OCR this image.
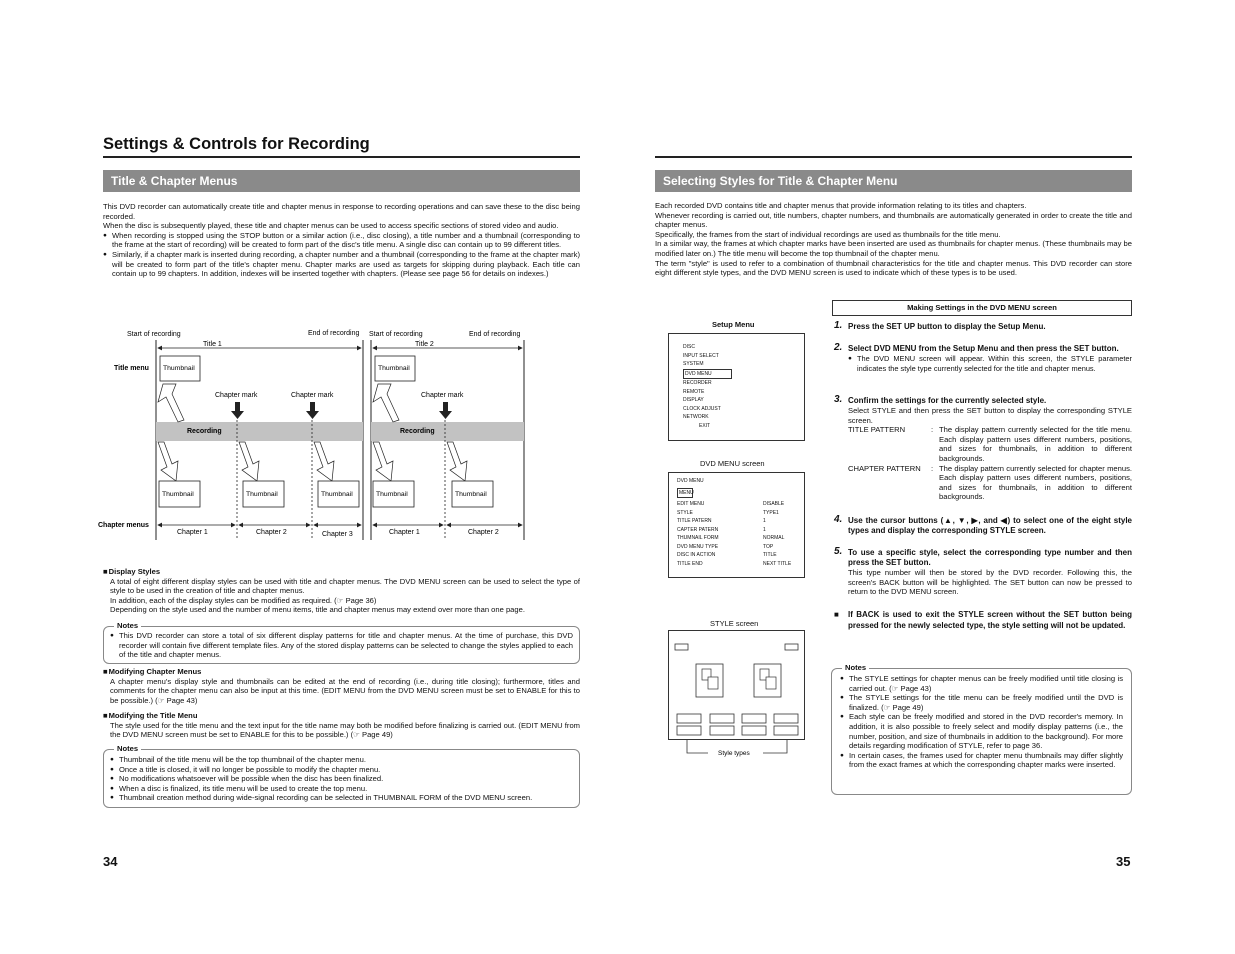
Settings & Controls for Recording
Title & Chapter Menus
This DVD recorder can automatically create title and chapter menus in response to recording operations and can save these to the disc being recorded.
When the disc is subsequently played, these title and chapter menus can be used to access specific sections of stored video and audio.
● When recording is stopped using the STOP button or a similar action (i.e., disc closing), a title number and a thumbnail (corresponding to the frame at the start of recording) will be created to form part of the disc's title menu. A single disc can contain up to 99 different titles.
● Similarly, if a chapter mark is inserted during recording, a chapter number and a thumbnail (corresponding to the frame at the chapter mark) will be created to form part of the title's chapter menu. Chapter marks are used as targets for skipping during playback. Each title can contain up to 99 chapters. In addition, indexes will be inserted together with chapters. (Please see page 56 for details on indexes.)
Start of recording	End of recording Start of recording	End of recording
Title 1	Title 2
Title menu Thumbnail	Thumbnail
Chapter mark	Chapter mark	Chapter mark
Recording	Recording
Thumbnail	Thumbnail	Thumbnail	Thumbnail	Thumbnail
Chapter menus
Chapter 1	Chapter 2	Chapter 3	Chapter 1	Chapter 2
■ Display Styles
A total of eight different display styles can be used with title and chapter menus. The DVD MENU screen can be used to select the type of style to be used in the creation of title and chapter menus.
In addition, each of the display styles can be modified as required. (☞ Page 36)
Depending on the style used and the number of menu items, title and chapter menus may extend over more than one page.
Notes
● This DVD recorder can store a total of six different display patterns for title and chapter menus. At the time of purchase, this DVD recorder will contain five different template files. Any of the stored display patterns can be selected to change the styles applied to each of the title and chapter menus.
■ Modifying Chapter Menus
A chapter menu's display style and thumbnails can be edited at the end of recording (i.e., during title closing); furthermore, titles and comments for the chapter menu can also be input at this time. (EDIT MENU from the DVD MENU screen must be set to ENABLE for this to be possible.) (☞ Page 43)
■ Modifying the Title Menu
The style used for the title menu and the text input for the title name may both be modified before finalizing is carried out. (EDIT MENU from the DVD MENU screen must be set to ENABLE for this to be possible.) (☞ Page 49)
Notes
● Thumbnail of the title menu will be the top thumbnail of the chapter menu.
● Once a title is closed, it will no longer be possible to modify the chapter menu.
● No modifications whatsoever will be possible when the disc has been finalized.
● When a disc is finalized, its title menu will be used to create the top menu.
● Thumbnail creation method during wide-signal recording can be selected in THUMBNAIL FORM of the DVD MENU screen.
34
Selecting Styles for Title & Chapter Menu
Each recorded DVD contains title and chapter menus that provide information relating to its titles and chapters.
Whenever recording is carried out, title numbers, chapter numbers, and thumbnails are automatically generated in order to create the title and chapter menus.
Specifically, the frames from the start of individual recordings are used as thumbnails for the title menu.
In a similar way, the frames at which chapter marks have been inserted are used as thumbnails for chapter menus. (These thumbnails may be modified later on.) The title menu will become the top thumbnail of the chapter menu.
The term "style" is used to refer to a combination of thumbnail characteristics for the title and chapter menus. This DVD recorder can store eight different style types, and the DVD MENU screen is used to indicate which of these types is to be used.
Setup Menu
DISC
INPUT SELECT
SYSTEM
DVD MENU
RECORDER
REMOTE
DISPLAY
CLOCK ADJUST
NETWORK
EXIT
DVD MENU screen
DVD MENU
MENU
EDIT MENU	DISABLE
STYLE	TYPE1
TITLE PATERN	1
CAPTER PATERN	1
THUMNAIL FORM	NORMAL
DVD MENU TYPE	TOP
DISC IN ACTION	TITLE
TITLE END	NEXT TITLE
STYLE screen
Style types
Making Settings in the DVD MENU screen
1. Press the SET UP button to display the Setup Menu.
2. Select DVD MENU from the Setup Menu and then press the SET button.
● The DVD MENU screen will appear. Within this screen, the STYLE parameter indicates the style type currently selected for the title and chapter menus.
3. Confirm the settings for the currently selected style.
Select STYLE and then press the SET button to display the corresponding STYLE screen.
TITLE PATTERN	: The display pattern currently selected for the title menu. Each display pattern uses different numbers, positions, and sizes for thumbnails, in addition to different backgrounds.
CHAPTER PATTERN	: The display pattern currently selected for chapter menus. Each display pattern uses different numbers, positions, and sizes for thumbnails, in addition to different backgrounds.
4. Use the cursor buttons (▲, ▼, ▶, and ◀) to select one of the eight style types and display the corresponding STYLE screen.
5. To use a specific style, select the corresponding type number and then press the SET button.
This type number will then be stored by the DVD recorder. Following this, the screen's BACK button will be highlighted. The SET button can now be pressed to return to the DVD MENU screen.
■ If BACK is used to exit the STYLE screen without the SET button being pressed for the newly selected type, the style setting will not be updated.
Notes
● The STYLE settings for chapter menus can be freely modified until title closing is carried out. (☞ Page 43)
● The STYLE settings for the title menu can be freely modified until the DVD is finalized. (☞ Page 49)
● Each style can be freely modified and stored in the DVD recorder's memory. In addition, it is also possible to freely select and modify display patterns (i.e., the number, position, and size of thumbnails in addition to the background). For more details regarding modification of STYLE, refer to page 36.
● In certain cases, the frames used for chapter menu thumbnails may differ slightly from the exact frames at which the corresponding chapter marks were inserted.
35
